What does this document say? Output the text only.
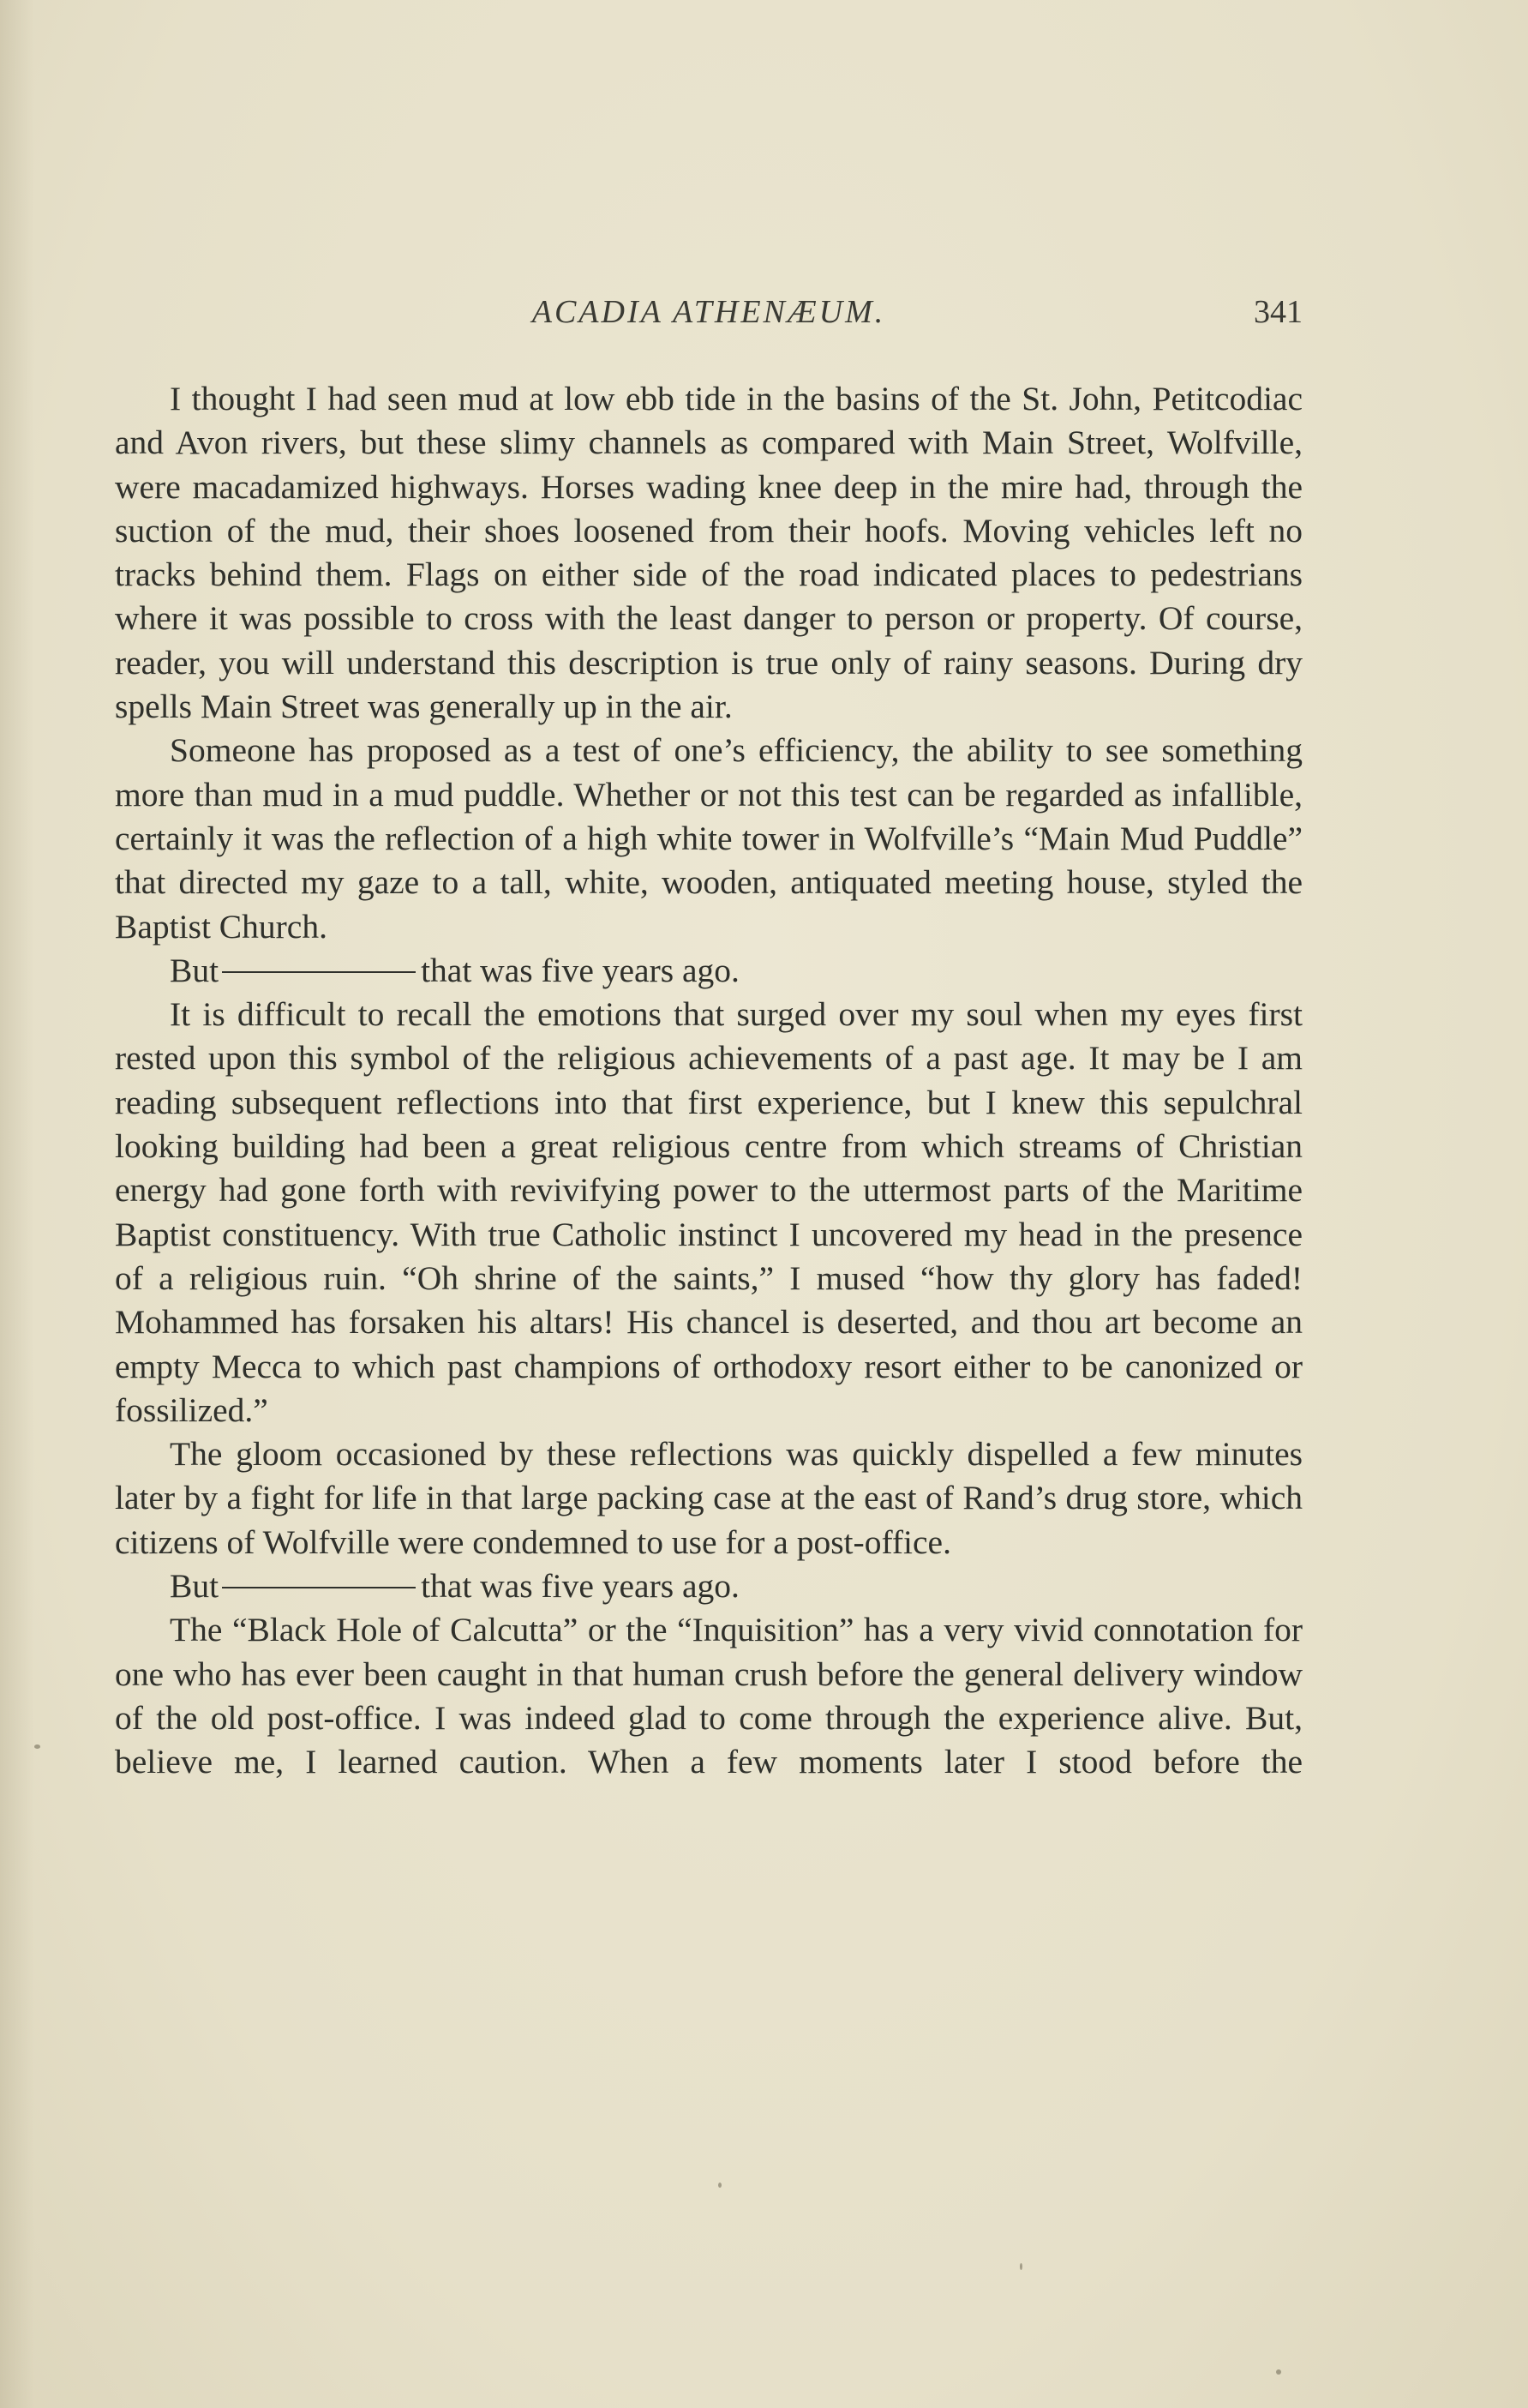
ACADIA ATHENÆUM.	341

I thought I had seen mud at low ebb tide in the basins of the St. John, Petitcodiac and Avon rivers, but these slimy channels as compared with Main Street, Wolfville, were macadamized highways. Horses wading knee deep in the mire had, through the suction of the mud, their shoes loosened from their hoofs. Moving vehicles left no tracks behind them. Flags on either side of the road indicated places to pedestrians where it was possible to cross with the least danger to person or property. Of course, reader, you will understand this description is true only of rainy seasons. During dry spells Main Street was generally up in the air.

Someone has proposed as a test of one’s efficiency, the ability to see something more than mud in a mud puddle. Whether or not this test can be regarded as infallible, certainly it was the reflection of a high white tower in Wolfville’s “Main Mud Puddle” that directed my gaze to a tall, white, wooden, antiquated meeting house, styled the Baptist Church.

But	that was five years ago.

It is difficult to recall the emotions that surged over my soul when my eyes first rested upon this symbol of the religious achievements of a past age. It may be I am reading subsequent reflections into that first experience, but I knew this sepulchral looking building had been a great religious centre from which streams of Christian energy had gone forth with revivifying power to the uttermost parts of the Maritime Baptist constituency. With true Catholic instinct I uncovered my head in the presence of a religious ruin. “Oh shrine of the saints,” I mused “how thy glory has faded! Mohammed has forsaken his altars! His chancel is deserted, and thou art become an empty Mecca to which past champions of orthodoxy resort either to be canonized or fossilized.”

The gloom occasioned by these reflections was quickly dispelled a few minutes later by a fight for life in that large packing case at the east of Rand’s drug store, which citizens of Wolfville were condemned to use for a post-office.

But	that was five years ago.

The “Black Hole of Calcutta” or the “Inquisition” has a very vivid connotation for one who has ever been caught in that human crush before the general delivery window of the old post-office. I was indeed glad to come through the experience alive. But, believe me, I learned caution. When a few moments later I stood before the
